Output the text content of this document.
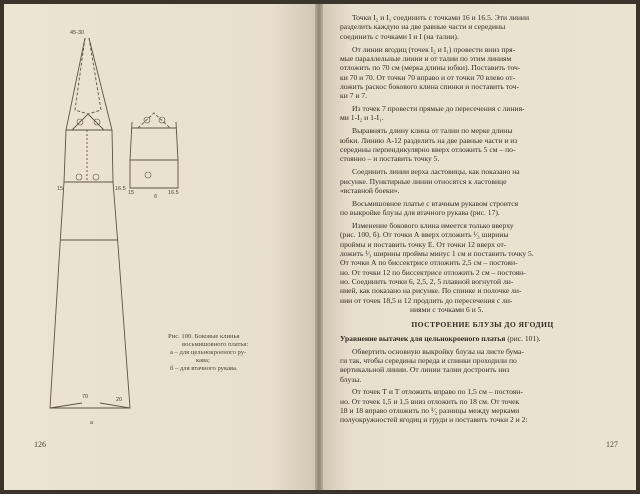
45-30
15	16.5
15	16.5
70	20
б
а
Рис. 100. Боковые клинья
восьмишовного платья:
а – для цельнокроеного ру-
кава;
б – для втачного рукава.
126	127

Точки I₂ и I₁ соединить с точками 16 и 16.5. Эти линии
разделить каждую на две равные части и середины
соединить с точками I и I (на талии).

От линии ягодиц (точек I₂ и I₁) провести вниз пря-
мые параллельные линии и от талии по этим линиям
отложить по 70 см (мерка длины юбки). Поставить точ-
ки 70 и 70. От точки 70 вправо и от точки 70 влево от-
ложить раскос бокового клина спинки и поставить точ-
ки 7 и 7.

Из точек 7 провести прямые до пересечения с линия-
ми 1-I₂ и 1-I₁.

Выравнять длину клина от талии по мерке длины
юбки. Линию А-12 разделить на две равные части и из
середины перпендикулярно вверх отложить 5 см – по-
стоянно – и поставить точку 5.

Соединить линии верха ластовицы, как показано на
рисунке. Пунктирные линии относятся к ластовице
«вставной боеки».

Восьмишовное платье с втачным рукавом строится
по выкройке блузы для втачного рукава (рис. 17).

Изменение бокового клина имеется только вверху
(рис. 100, б). От точки А вверх отложить ¹⁄₃ ширины
проймы и поставить точку Е. От точки 12 вверх от-
ложить ¹⁄₃ ширины проймы минус 1 см и поставить точку 5.
От точки А по биссектрисе отложить 2,5 см – постоян-
но. От точки 12 по биссектрисе отложить 2 см – постоян-
но. Соединить точки 6, 2,5, 2, 5 плавной вогнутой ли-
нией, как показано на рисунке. По спинке и полочке ли-
нии от точек 18,5 и 12 продлить до пересечения с ли-
ниями с точками 6 и 5.

ПОСТРОЕНИЕ БЛУЗЫ ДО ЯГОДИЦ

Уравнение вытачек для цельнокроеного платья (рис. 101).

Обвертить основную выкройку блузы на листе бума-
ги так, чтобы середины переда и спинки проходили по
вертикальной линии. От линии талии достроить низ
блузы.

От точек Т и Т отложить вправо по 1,5 см – постоян-
но. От точек 1,5 и 1,5 вниз отложить по 18 см. От точек
18 и 18 вправо отложить по ¹⁄₂ разницы между мерками
полуокружностей ягодиц и груди и поставить точки 2 и 2:
